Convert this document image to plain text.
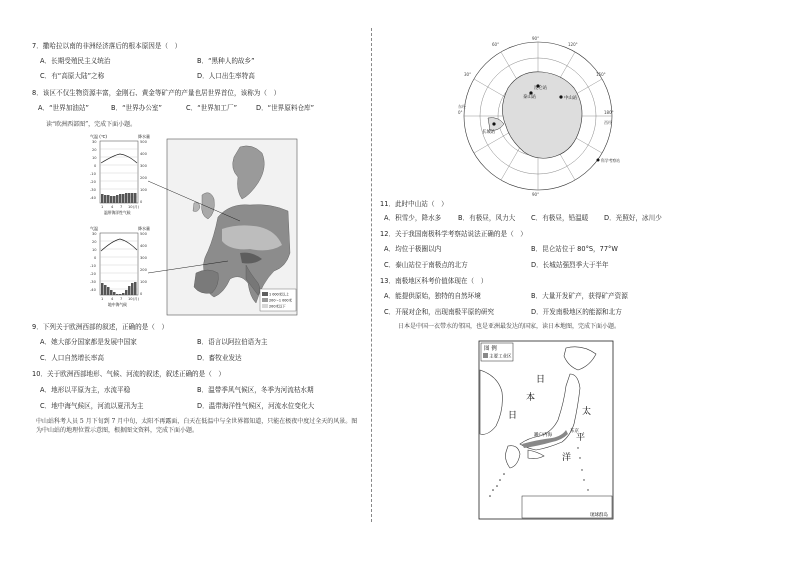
7．撒哈拉以南的非洲经济落后的根本原因是（　）
A．长期受殖民主义统治	B．“黑种人的故乡”
C．有“高原大陆”之称	D．人口出生率特高
8．该区不仅生物资源丰富，金刚石、黄金等矿产的产量也居世界首位，该称为（　）
A．“世界加油站”	B．“世界办公室”	C．“世界加工厂”	D．“世界原料仓库”
读“欧洲西部图”，完成下面小题。
气温 (℃)	降水量
30
20
10
0
-10
-20
-30
-40
500
400
300
200
100
0
1 4 7 10(月)
温带海洋性气候
气温	降水量
30
20
10
0
-10
-20
-30
-40
500
400
300
200
100
0
1 4 7 10(月)
地中海气候
1 000米以上
200～1 000米
200米以下
9．下列关于欧洲西部的叙述，正确的是（　）
A．她大部分国家都是发展中国家	B．语言以阿拉伯语为主
C．人口自然增长率高	D．畜牧业发达
10．关于欧洲西部地形、气候、河流的叙述，叙述正确的是（　）
A．地形以平原为主，水流平稳	B．温带季风气候区，冬季为河流枯水期
C．地中海气候区，河流以夏汛为主	D．温带海洋性气候区，河流水位变化大
中山站科考人员 5 月下旬到 7 月中旬，太阳不再露面，白天在低温中与全世界都知道，只能在极夜中度过全天的风景。图为中山站的地理位置示意图，根据图文资料，完成下面小题。
昆仑站
泰山站	中山站
长城站
90°
120°
150°
180°
0°
60°
30°
90°
东经
西经
科学考察站
11．此时中山站（　）
A．积雪少，降水多	B．有极昼，风力大 C．有极昼，铅温暖 D．光照好，冰川少
12．关于我国南极科学考察站说法正确的是（　）
A．均位于极圈以内	B．昆仑站位于 80°S，77°W
C．泰山站位于南极点的北方	D．长城站强烈季大于半年
13．南极地区科考价值体现在（　）
A．能提供原始，独特的自然环境	B．大量开发矿产，获得矿产资源
C．开展对企和，出现南极平原的研究	D．开发南极地区的能源和北方
日本是中国一衣带水的邻国，也是亚洲最发达的国家，读日本地图，完成下面小题。
图 例
主要工业区
琉球群岛
日
本
日	太
平
洋
濑户内海
东京
